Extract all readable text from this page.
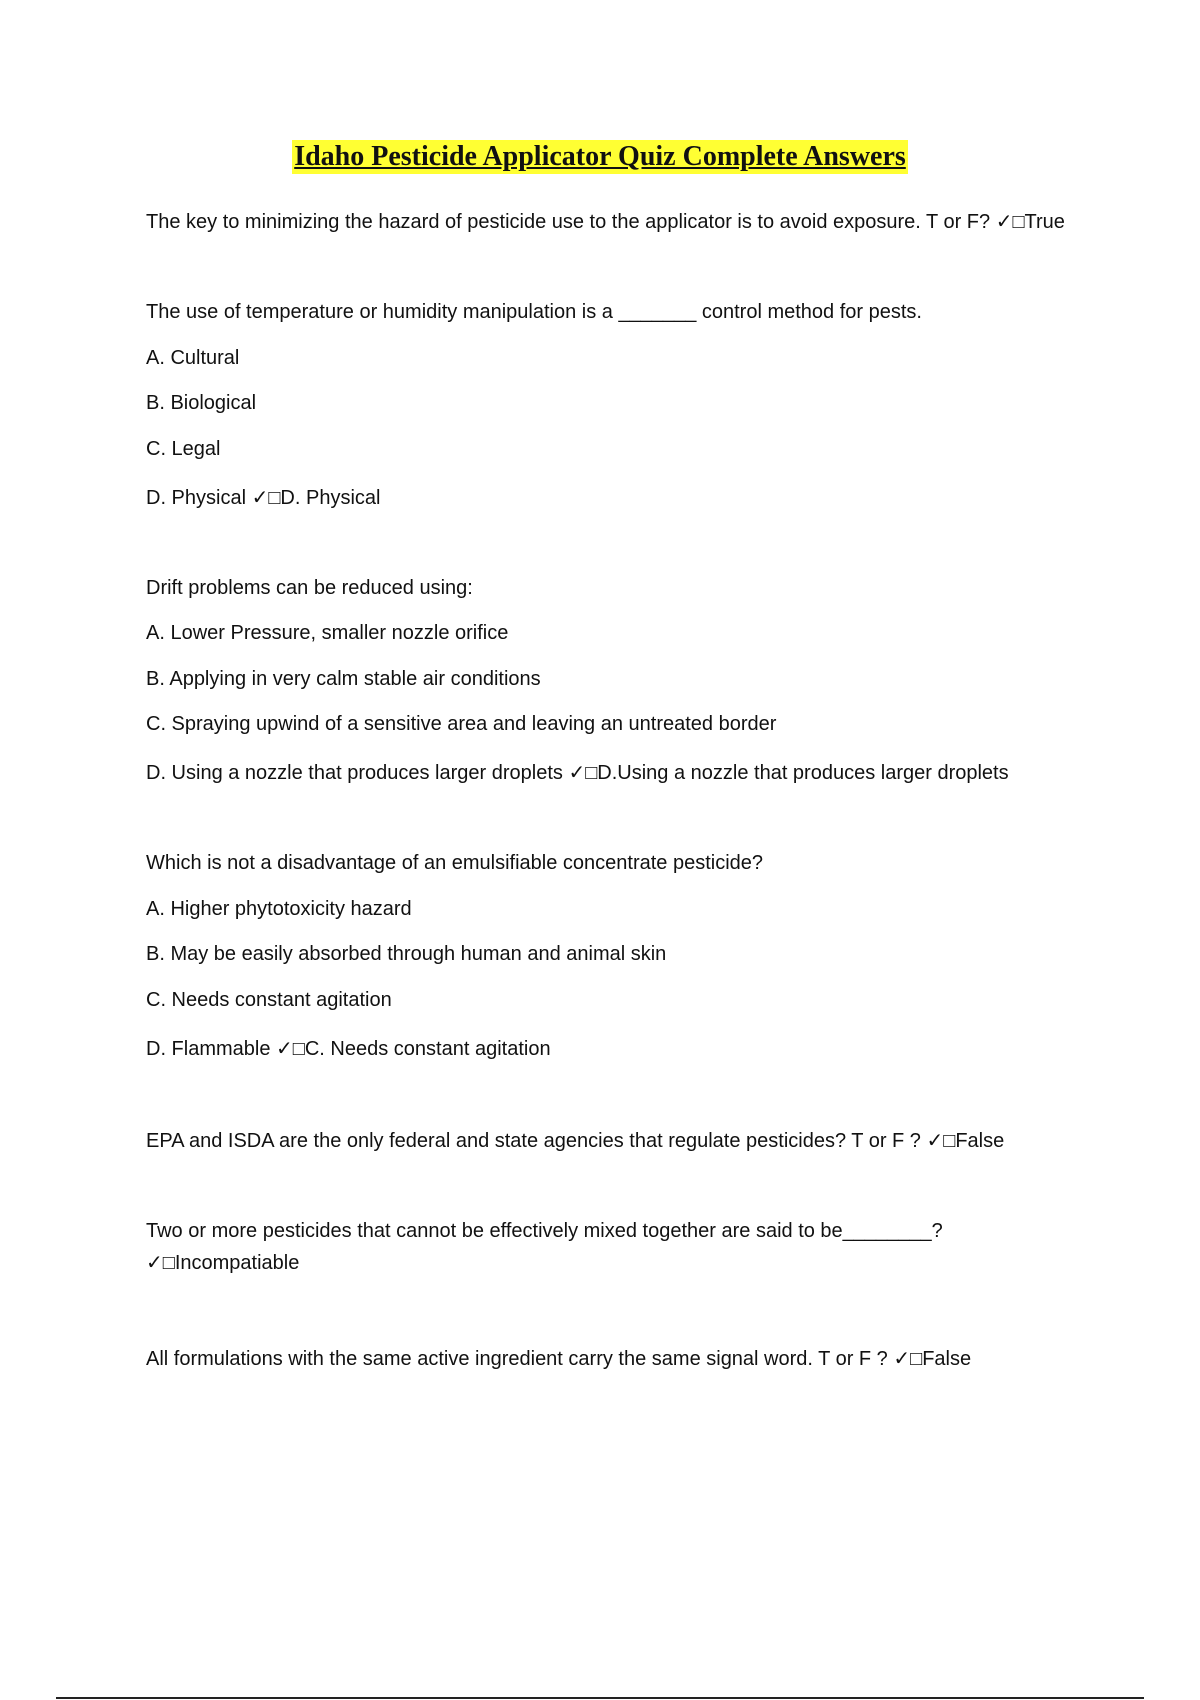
Idaho Pesticide Applicator Quiz Complete Answers
The key to minimizing the hazard of pesticide use to the applicator is to avoid exposure. T or F? ✓□True
The use of temperature or humidity manipulation is a _______ control method for pests.
A. Cultural
B. Biological
C. Legal
D. Physical ✓□D. Physical
Drift problems can be reduced using:
A. Lower Pressure, smaller nozzle orifice
B. Applying in very calm stable air conditions
C. Spraying upwind of a sensitive area and leaving an untreated border
D. Using a nozzle that produces larger droplets ✓□D.Using a nozzle that produces larger droplets
Which is not a disadvantage of an emulsifiable concentrate pesticide?
A. Higher phytotoxicity hazard
B. May be easily absorbed through human and animal skin
C. Needs constant agitation
D. Flammable ✓□C. Needs constant agitation
EPA and ISDA are the only federal and state agencies that regulate pesticides? T or F ? ✓□False
Two or more pesticides that cannot be effectively mixed together are said to be________? ✓□Incompatiable
All formulations with the same active ingredient carry the same signal word. T or F ? ✓□False
